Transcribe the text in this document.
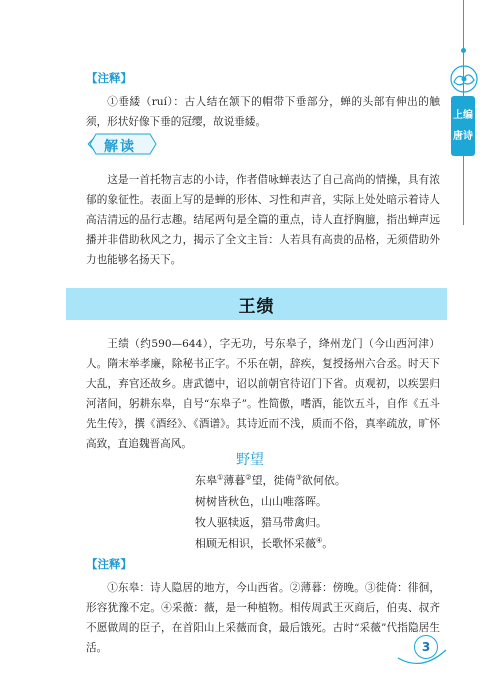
上编
唐诗
【注释】

①垂緌（ruí）：古人结在颔下的帽带下垂部分，蝉的头部有伸出的触须，形状好像下垂的冠缨，故说垂緌。

解读

这是一首托物言志的小诗，作者借咏蝉表达了自己高尚的情操，具有浓郁的象征性。表面上写的是蝉的形体、习性和声音，实际上处处暗示着诗人高洁清远的品行志趣。结尾两句是全篇的重点，诗人直抒胸臆，指出蝉声远播并非借助秋风之力，揭示了全文主旨：人若具有高贵的品格，无须借助外力也能够名扬天下。

王绩

王绩（约590—644），字无功，号东皋子，绛州龙门（今山西河津）人。隋末举孝廉，除秘书正字。不乐在朝，辞疾，复授扬州六合丞。时天下大乱，弃官还故乡。唐武德中，诏以前朝官待诏门下省。贞观初，以疾罢归河渚间，躬耕东皋，自号“东皋子”。性简傲，嗜酒，能饮五斗，自作《五斗先生传》，撰《酒经》、《酒谱》。其诗近而不浅，质而不俗，真率疏放，旷怀高致，直追魏晋高风。

野望
东皋①薄暮②望，徙倚③欲何依。
树树皆秋色，山山唯落晖。
牧人驱犊返，猎马带禽归。
相顾无相识，长歌怀采薇④。
【注释】

①东皋：诗人隐居的地方，今山西省。②薄暮：傍晚。③徙倚：徘徊，形容犹豫不定。④采薇：薇，是一种植物。相传周武王灭商后，伯夷、叔齐不愿做周的臣子，在首阳山上采薇而食，最后饿死。古时“采薇”代指隐居生活。	3
